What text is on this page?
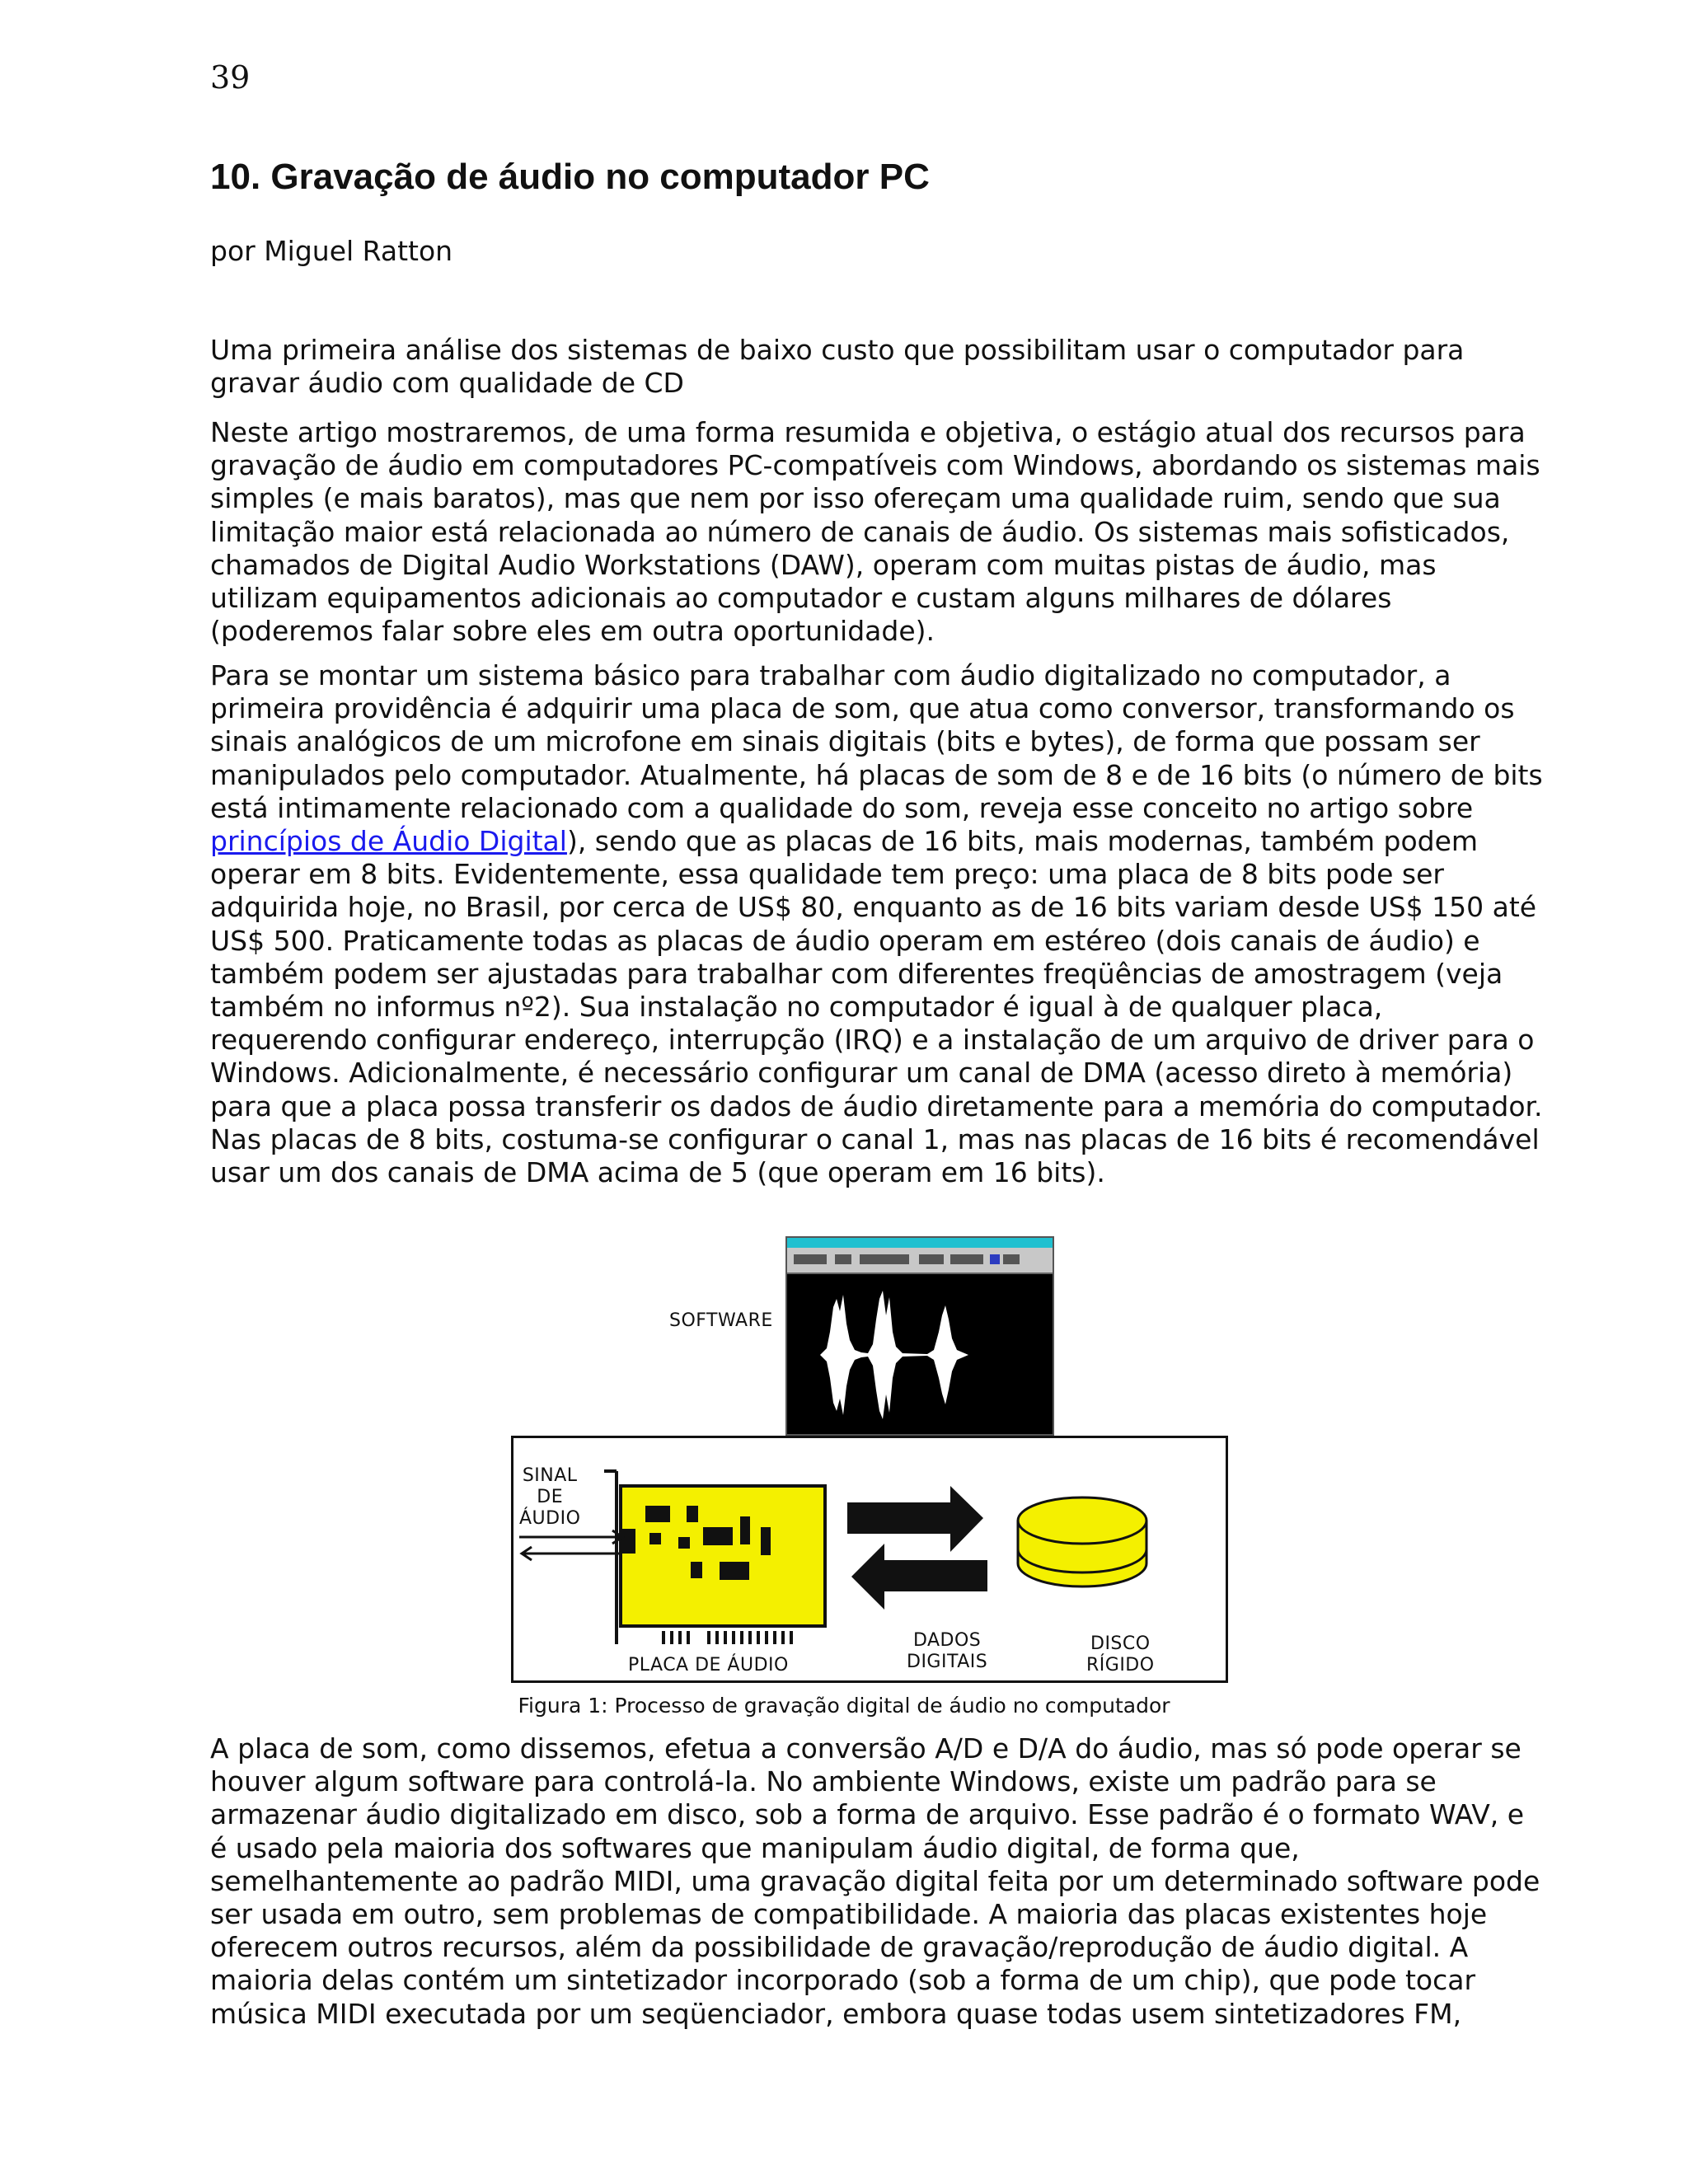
39
10. Gravação de áudio no computador PC

por Miguel Ratton

Uma primeira análise dos sistemas de baixo custo que possibilitam usar o computador para gravar áudio com qualidade de CD

Neste artigo mostraremos, de uma forma resumida e objetiva, o estágio atual dos recursos para gravação de áudio em computadores PC-compatíveis com Windows, abordando os sistemas mais simples (e mais baratos), mas que nem por isso ofereçam uma qualidade ruim, sendo que sua limitação maior está relacionada ao número de canais de áudio. Os sistemas mais sofisticados, chamados de Digital Audio Workstations (DAW), operam com muitas pistas de áudio, mas utilizam equipamentos adicionais ao computador e custam alguns milhares de dólares (poderemos falar sobre eles em outra oportunidade).

Para se montar um sistema básico para trabalhar com áudio digitalizado no computador, a primeira providência é adquirir uma placa de som, que atua como conversor, transformando os sinais analógicos de um microfone em sinais digitais (bits e bytes), de forma que possam ser manipulados pelo computador. Atualmente, há placas de som de 8 e de 16 bits (o número de bits está intimamente relacionado com a qualidade do som, reveja esse conceito no artigo sobre princípios de Áudio Digital), sendo que as placas de 16 bits, mais modernas, também podem operar em 8 bits. Evidentemente, essa qualidade tem preço: uma placa de 8 bits pode ser adquirida hoje, no Brasil, por cerca de US$ 80, enquanto as de 16 bits variam desde US$ 150 até US$ 500. Praticamente todas as placas de áudio operam em estéreo (dois canais de áudio) e também podem ser ajustadas para trabalhar com diferentes freqüências de amostragem (veja também no informus nº2). Sua instalação no computador é igual à de qualquer placa, requerendo configurar endereço, interrupção (IRQ) e a instalação de um arquivo de driver para o Windows. Adicionalmente, é necessário configurar um canal de DMA (acesso direto à memória) para que a placa possa transferir os dados de áudio diretamente para a memória do computador. Nas placas de 8 bits, costuma-se configurar o canal 1, mas nas placas de 16 bits é recomendável usar um dos canais de DMA acima de 5 (que operam em 16 bits).

SOFTWARE
SINAL
DE
ÁUDIO
PLACA DE ÁUDIO
DADOS
DIGITAIS
DISCO
RÍGIDO
Figura 1: Processo de gravação digital de áudio no computador

A placa de som, como dissemos, efetua a conversão A/D e D/A do áudio, mas só pode operar se houver algum software para controlá-la. No ambiente Windows, existe um padrão para se armazenar áudio digitalizado em disco, sob a forma de arquivo. Esse padrão é o formato WAV, e é usado pela maioria dos softwares que manipulam áudio digital, de forma que, semelhantemente ao padrão MIDI, uma gravação digital feita por um determinado software pode ser usada em outro, sem problemas de compatibilidade. A maioria das placas existentes hoje oferecem outros recursos, além da possibilidade de gravação/reprodução de áudio digital. A maioria delas contém um sintetizador incorporado (sob a forma de um chip), que pode tocar música MIDI executada por um seqüenciador, embora quase todas usem sintetizadores FM,
